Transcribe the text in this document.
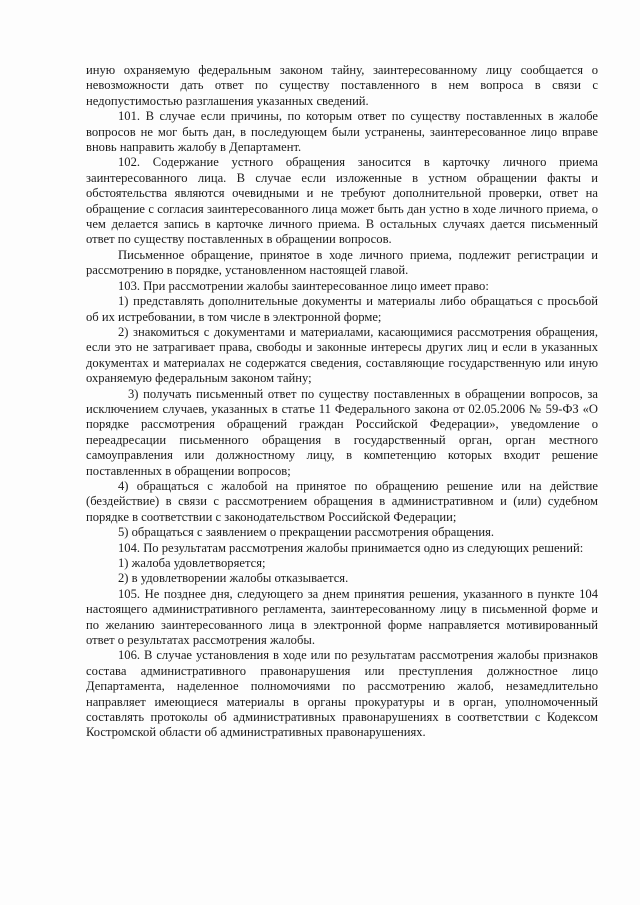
иную охраняемую федеральным законом тайну, заинтересованному лицу сообщается о невозможности дать ответ по существу поставленного в нем вопроса в связи с недопустимостью разглашения указанных сведений.

101. В случае если причины, по которым ответ по существу поставленных в жалобе вопросов не мог быть дан, в последующем были устранены, заинтересованное лицо вправе вновь направить жалобу в Департамент.

102. Содержание устного обращения заносится в карточку личного приема заинтересованного лица. В случае если изложенные в устном обращении факты и обстоятельства являются очевидными и не требуют дополнительной проверки, ответ на обращение с согласия заинтересованного лица может быть дан устно в ходе личного приема, о чем делается запись в карточке личного приема. В остальных случаях дается письменный ответ по существу поставленных в обращении вопросов.

Письменное обращение, принятое в ходе личного приема, подлежит регистрации и рассмотрению в порядке, установленном настоящей главой.

103. При рассмотрении жалобы заинтересованное лицо имеет право:

1) представлять дополнительные документы и материалы либо обращаться с просьбой об их истребовании, в том числе в электронной форме;

2) знакомиться с документами и материалами, касающимися рассмотрения обращения, если это не затрагивает права, свободы и законные интересы других лиц и если в указанных документах и материалах не содержатся сведения, составляющие государственную или иную охраняемую федеральным законом тайну;

3) получать письменный ответ по существу поставленных в обращении вопросов, за исключением случаев, указанных в статье 11 Федерального закона от 02.05.2006 № 59-ФЗ «О порядке рассмотрения обращений граждан Российской Федерации», уведомление о переадресации письменного обращения в государственный орган, орган местного самоуправления или должностному лицу, в компетенцию которых входит решение поставленных в обращении вопросов;

4) обращаться с жалобой на принятое по обращению решение или на действие (бездействие) в связи с рассмотрением обращения в административном и (или) судебном порядке в соответствии с законодательством Российской Федерации;

5) обращаться с заявлением о прекращении рассмотрения обращения.

104. По результатам рассмотрения жалобы принимается одно из следующих решений:

1) жалоба удовлетворяется;

2) в удовлетворении жалобы отказывается.

105. Не позднее дня, следующего за днем принятия решения, указанного в пункте 104 настоящего административного регламента, заинтересованному лицу в письменной форме и по желанию заинтересованного лица в электронной форме направляется мотивированный ответ о результатах рассмотрения жалобы.

106. В случае установления в ходе или по результатам рассмотрения жалобы признаков состава административного правонарушения или преступления должностное лицо Департамента, наделенное полномочиями по рассмотрению жалоб, незамедлительно направляет имеющиеся материалы в органы прокуратуры и в орган, уполномоченный составлять протоколы об административных правонарушениях в соответствии с Кодексом Костромской области об административных правонарушениях.
